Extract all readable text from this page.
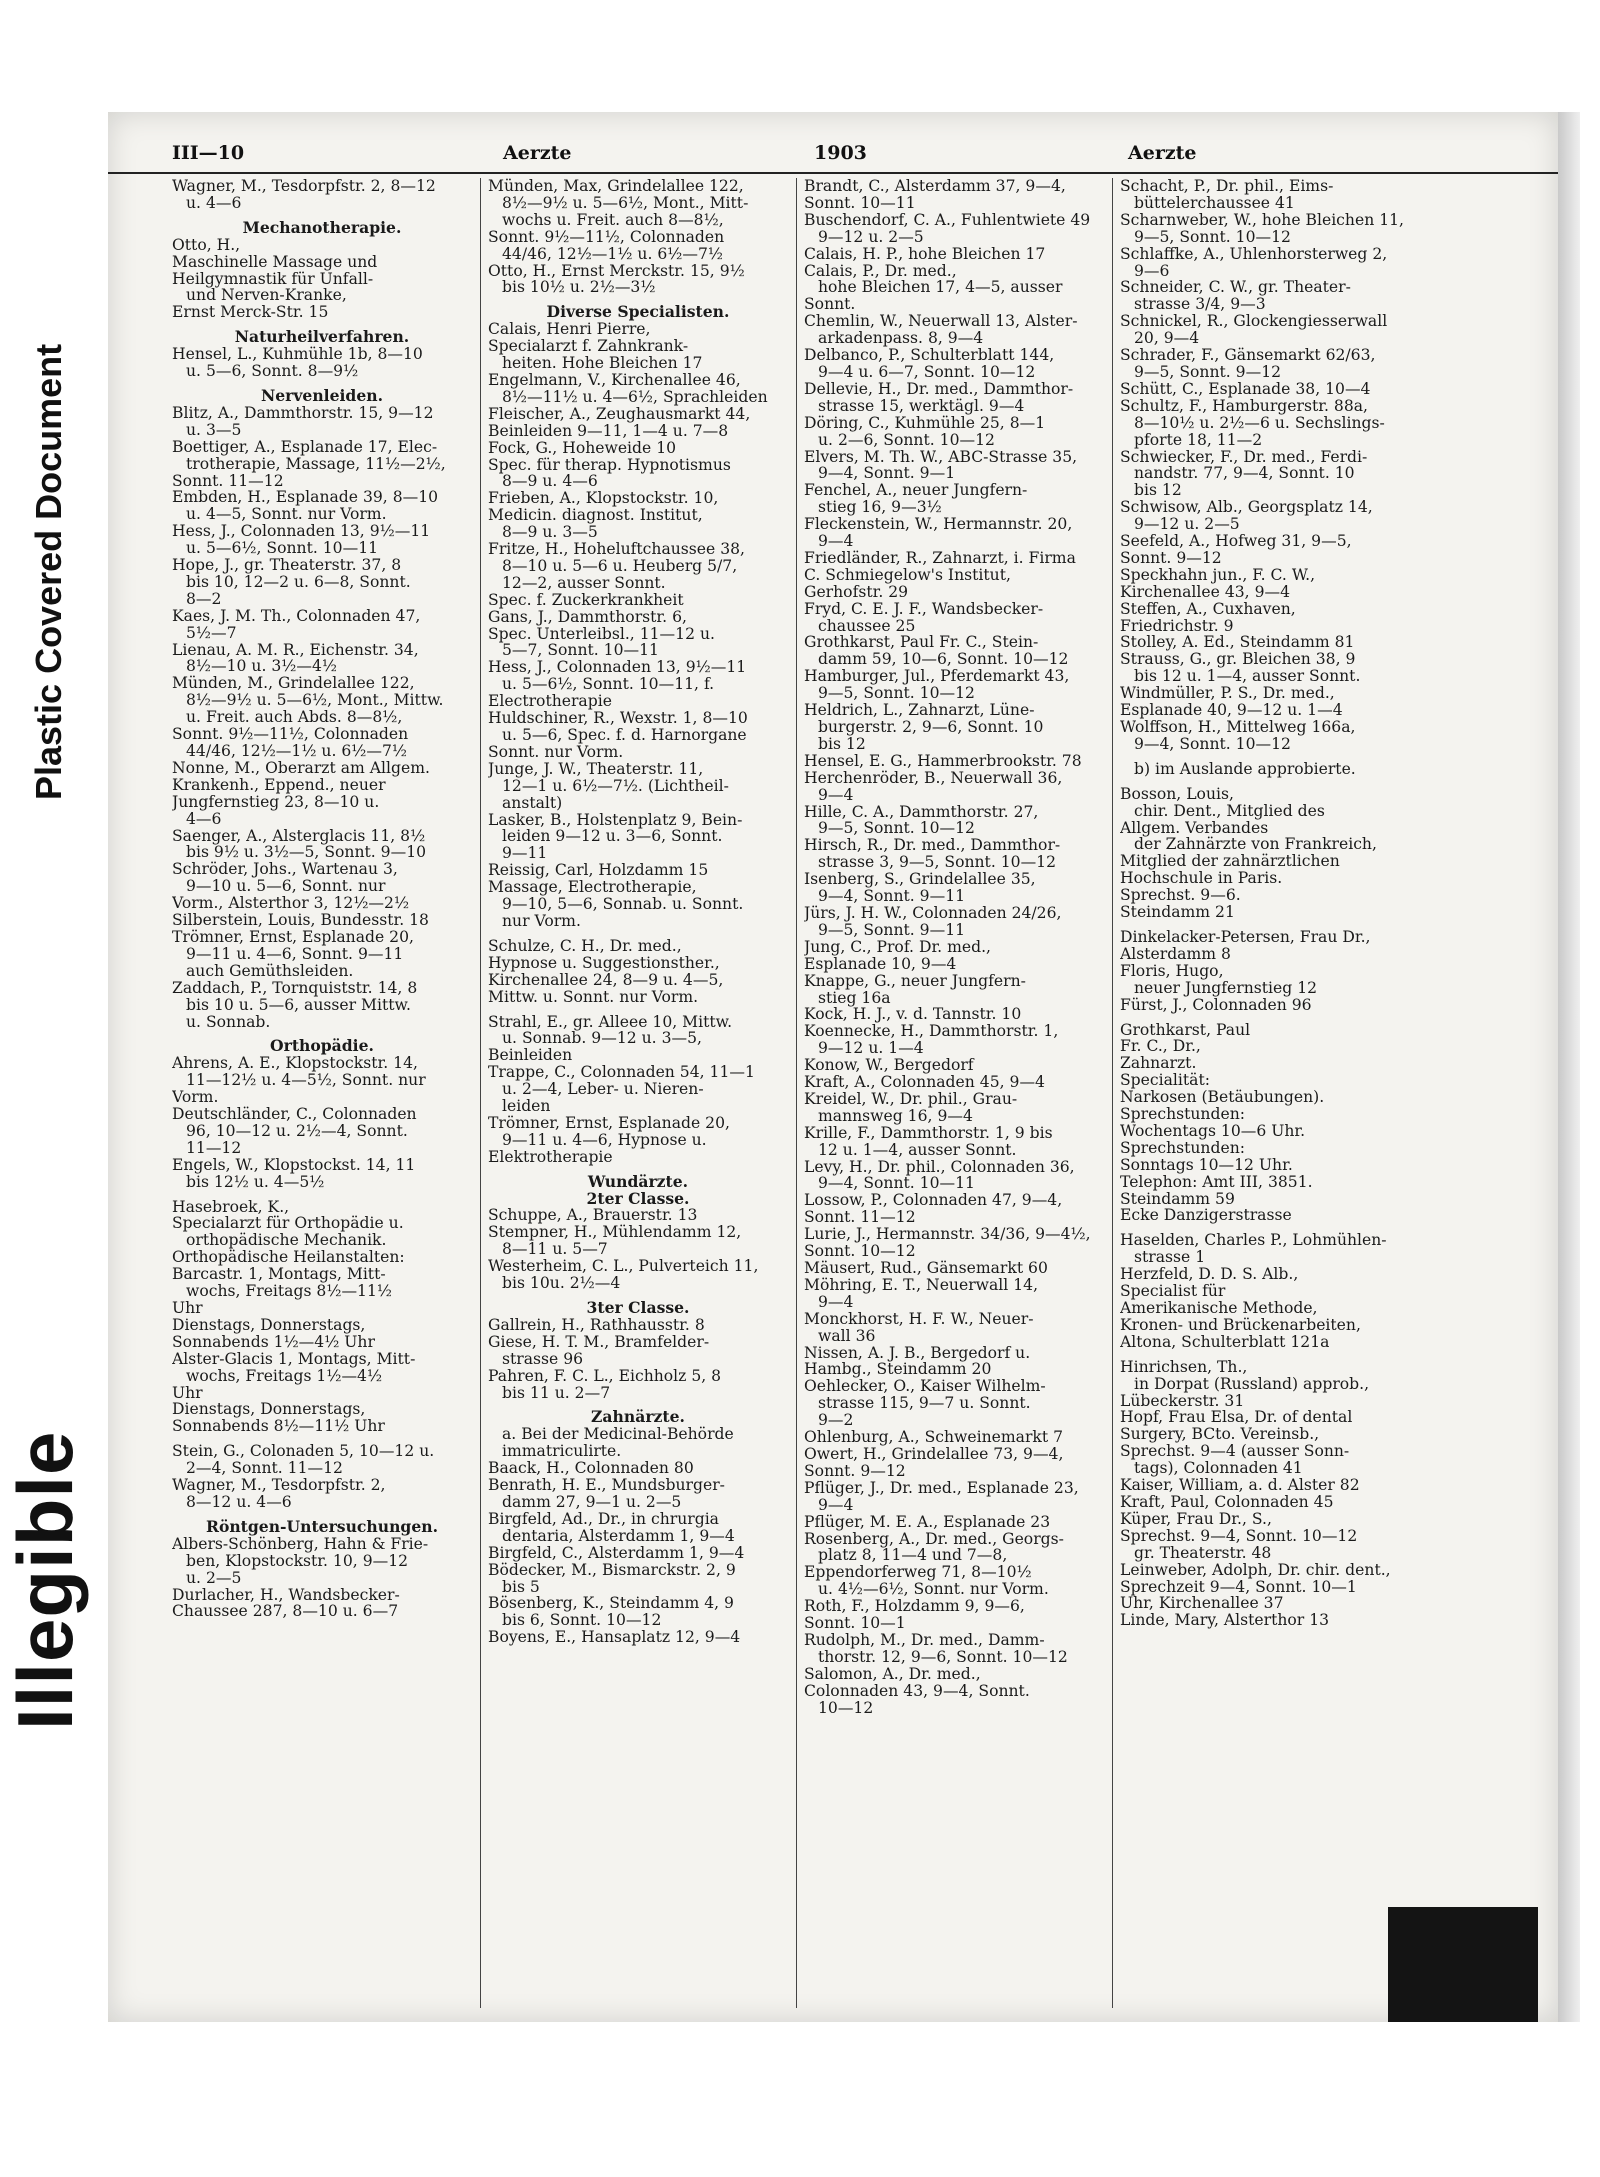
Plastic Covered Document
Illegible
III—10	Aerzte	1903	Aerzte
Wagner, M., Tesdorpfstr. 2, 8—12
u. 4—6
Mechanotherapie.
Otto, H.,
Maschinelle Massage und
Heilgymnastik für Unfall-
und Nerven-Kranke,
Ernst Merck-Str. 15
Naturheilverfahren.
Hensel, L., Kuhmühle 1b, 8—10
u. 5—6, Sonnt. 8—9½
Nervenleiden.
Blitz, A., Dammthorstr. 15, 9—12
u. 3—5
Boettiger, A., Esplanade 17, Elec-
trotherapie, Massage, 11½—2½,
Sonnt. 11—12
Embden, H., Esplanade 39, 8—10
u. 4—5, Sonnt. nur Vorm.
Hess, J., Colonnaden 13, 9½—11
u. 5—6½, Sonnt. 10—11
Hope, J., gr. Theaterstr. 37, 8
bis 10, 12—2 u. 6—8, Sonnt.
8—2
Kaes, J. M. Th., Colonnaden 47,
5½—7
Lienau, A. M. R., Eichenstr. 34,
8½—10 u. 3½—4½
Münden, M., Grindelallee 122,
8½—9½ u. 5—6½, Mont., Mittw.
u. Freit. auch Abds. 8—8½,
Sonnt. 9½—11½, Colonnaden
44/46, 12½—1½ u. 6½—7½
Nonne, M., Oberarzt am Allgem.
Krankenh., Eppend., neuer
Jungfernstieg 23, 8—10 u.
4—6
Saenger, A., Alsterglacis 11, 8½
bis 9½ u. 3½—5, Sonnt. 9—10
Schröder, Johs., Wartenau 3,
9—10 u. 5—6, Sonnt. nur
Vorm., Alsterthor 3, 12½—2½
Silberstein, Louis, Bundesstr. 18
Trömner, Ernst, Esplanade 20,
9—11 u. 4—6, Sonnt. 9—11
auch Gemüthsleiden.
Zaddach, P., Tornquiststr. 14, 8
bis 10 u. 5—6, ausser Mittw.
u. Sonnab.
Orthopädie.
Ahrens, A. E., Klopstockstr. 14,
11—12½ u. 4—5½, Sonnt. nur
Vorm.
Deutschländer, C., Colonnaden
96, 10—12 u. 2½—4, Sonnt.
11—12
Engels, W., Klopstockst. 14, 11
bis 12½ u. 4—5½
Hasebroek, K.,
Specialarzt für Orthopädie u.
orthopädische Mechanik.
Orthopädische Heilanstalten:
Barcastr. 1, Montags, Mitt-
wochs, Freitags 8½—11½
Uhr
Dienstags, Donnerstags,
Sonnabends 1½—4½ Uhr
Alster-Glacis 1, Montags, Mitt-
wochs, Freitags 1½—4½
Uhr
Dienstags, Donnerstags,
Sonnabends 8½—11½ Uhr
Stein, G., Colonaden 5, 10—12 u.
2—4, Sonnt. 11—12
Wagner, M., Tesdorpfstr. 2,
8—12 u. 4—6
Röntgen-Untersuchungen.
Albers-Schönberg, Hahn & Frie-
ben, Klopstockstr. 10, 9—12
u. 2—5
Durlacher, H., Wandsbecker-
Chaussee 287, 8—10 u. 6—7
Münden, Max, Grindelallee 122,
8½—9½ u. 5—6½, Mont., Mitt-
wochs u. Freit. auch 8—8½,
Sonnt. 9½—11½, Colonnaden
44/46, 12½—1½ u. 6½—7½
Otto, H., Ernst Merckstr. 15, 9½
bis 10½ u. 2½—3½
Diverse Specialisten.
Calais, Henri Pierre,
Specialarzt f. Zahnkrank-
heiten. Hohe Bleichen 17
Engelmann, V., Kirchenallee 46,
8½—11½ u. 4—6½, Sprachleiden
Fleischer, A., Zeughausmarkt 44,
Beinleiden 9—11, 1—4 u. 7—8
Fock, G., Hoheweide 10
Spec. für therap. Hypnotismus
8—9 u. 4—6
Frieben, A., Klopstockstr. 10,
Medicin. diagnost. Institut,
8—9 u. 3—5
Fritze, H., Hoheluftchaussee 38,
8—10 u. 5—6 u. Heuberg 5/7,
12—2, ausser Sonnt.
Spec. f. Zuckerkrankheit
Gans, J., Dammthorstr. 6,
Spec. Unterleibsl., 11—12 u.
5—7, Sonnt. 10—11
Hess, J., Colonnaden 13, 9½—11
u. 5—6½, Sonnt. 10—11, f.
Electrotherapie
Huldschiner, R., Wexstr. 1, 8—10
u. 5—6, Spec. f. d. Harnorgane
Sonnt. nur Vorm.
Junge, J. W., Theaterstr. 11,
12—1 u. 6½—7½. (Lichtheil-
anstalt)
Lasker, B., Holstenplatz 9, Bein-
leiden 9—12 u. 3—6, Sonnt.
9—11
Reissig, Carl, Holzdamm 15
Massage, Electrotherapie,
9—10, 5—6, Sonnab. u. Sonnt.
nur Vorm.
Schulze, C. H., Dr. med.,
Hypnose u. Suggestionsther.,
Kirchenallee 24, 8—9 u. 4—5,
Mittw. u. Sonnt. nur Vorm.
Strahl, E., gr. Alleee 10, Mittw.
u. Sonnab. 9—12 u. 3—5,
Beinleiden
Trappe, C., Colonnaden 54, 11—1
u. 2—4, Leber- u. Nieren-
leiden
Trömner, Ernst, Esplanade 20,
9—11 u. 4—6, Hypnose u.
Elektrotherapie
Wundärzte.
2ter Classe.
Schuppe, A., Brauerstr. 13
Stempner, H., Mühlendamm 12,
8—11 u. 5—7
Westerheim, C. L., Pulverteich 11,
bis 10u. 2½—4
3ter Classe.
Gallrein, H., Rathhausstr. 8
Giese, H. T. M., Bramfelder-
strasse 96
Pahren, F. C. L., Eichholz 5, 8
bis 11 u. 2—7
Zahnärzte.
a. Bei der Medicinal-Behörde
immatriculirte.
Baack, H., Colonnaden 80
Benrath, H. E., Mundsburger-
damm 27, 9—1 u. 2—5
Birgfeld, Ad., Dr., in chrurgia
dentaria, Alsterdamm 1, 9—4
Birgfeld, C., Alsterdamm 1, 9—4
Bödecker, M., Bismarckstr. 2, 9
bis 5
Bösenberg, K., Steindamm 4, 9
bis 6, Sonnt. 10—12
Boyens, E., Hansaplatz 12, 9—4
Brandt, C., Alsterdamm 37, 9—4,
Sonnt. 10—11
Buschendorf, C. A., Fuhlentwiete 49
9—12 u. 2—5
Calais, H. P., hohe Bleichen 17
Calais, P., Dr. med.,
hohe Bleichen 17, 4—5, ausser
Sonnt.
Chemlin, W., Neuerwall 13, Alster-
arkadenpass. 8, 9—4
Delbanco, P., Schulterblatt 144,
9—4 u. 6—7, Sonnt. 10—12
Dellevie, H., Dr. med., Dammthor-
strasse 15, werktägl. 9—4
Döring, C., Kuhmühle 25, 8—1
u. 2—6, Sonnt. 10—12
Elvers, M. Th. W., ABC-Strasse 35,
9—4, Sonnt. 9—1
Fenchel, A., neuer Jungfern-
stieg 16, 9—3½
Fleckenstein, W., Hermannstr. 20,
9—4
Friedländer, R., Zahnarzt, i. Firma
C. Schmiegelow's Institut,
Gerhofstr. 29
Fryd, C. E. J. F., Wandsbecker-
chaussee 25
Grothkarst, Paul Fr. C., Stein-
damm 59, 10—6, Sonnt. 10—12
Hamburger, Jul., Pferdemarkt 43,
9—5, Sonnt. 10—12
Heldrich, L., Zahnarzt, Lüne-
burgerstr. 2, 9—6, Sonnt. 10
bis 12
Hensel, E. G., Hammerbrookstr. 78
Herchenröder, B., Neuerwall 36,
9—4
Hille, C. A., Dammthorstr. 27,
9—5, Sonnt. 10—12
Hirsch, R., Dr. med., Dammthor-
strasse 3, 9—5, Sonnt. 10—12
Isenberg, S., Grindelallee 35,
9—4, Sonnt. 9—11
Jürs, J. H. W., Colonnaden 24/26,
9—5, Sonnt. 9—11
Jung, C., Prof. Dr. med.,
Esplanade 10, 9—4
Knappe, G., neuer Jungfern-
stieg 16a
Kock, H. J., v. d. Tannstr. 10
Koennecke, H., Dammthorstr. 1,
9—12 u. 1—4
Konow, W., Bergedorf
Kraft, A., Colonnaden 45, 9—4
Kreidel, W., Dr. phil., Grau-
mannsweg 16, 9—4
Krille, F., Dammthorstr. 1, 9 bis
12 u. 1—4, ausser Sonnt.
Levy, H., Dr. phil., Colonnaden 36,
9—4, Sonnt. 10—11
Lossow, P., Colonnaden 47, 9—4,
Sonnt. 11—12
Lurie, J., Hermannstr. 34/36, 9—4½,
Sonnt. 10—12
Mäusert, Rud., Gänsemarkt 60
Möhring, E. T., Neuerwall 14,
9—4
Monckhorst, H. F. W., Neuer-
wall 36
Nissen, A. J. B., Bergedorf u.
Hambg., Steindamm 20
Oehlecker, O., Kaiser Wilhelm-
strasse 115, 9—7 u. Sonnt.
9—2
Ohlenburg, A., Schweinemarkt 7
Owert, H., Grindelallee 73, 9—4,
Sonnt. 9—12
Pflüger, J., Dr. med., Esplanade 23,
9—4
Pflüger, M. E. A., Esplanade 23
Rosenberg, A., Dr. med., Georgs-
platz 8, 11—4 und 7—8,
Eppendorferweg 71, 8—10½
u. 4½—6½, Sonnt. nur Vorm.
Roth, F., Holzdamm 9, 9—6,
Sonnt. 10—1
Rudolph, M., Dr. med., Damm-
thorstr. 12, 9—6, Sonnt. 10—12
Salomon, A., Dr. med.,
Colonnaden 43, 9—4, Sonnt.
10—12
Schacht, P., Dr. phil., Eims-
büttelerchaussee 41
Scharnweber, W., hohe Bleichen 11,
9—5, Sonnt. 10—12
Schlaffke, A., Uhlenhorsterweg 2,
9—6
Schneider, C. W., gr. Theater-
strasse 3/4, 9—3
Schnickel, R., Glockengiesserwall
20, 9—4
Schrader, F., Gänsemarkt 62/63,
9—5, Sonnt. 9—12
Schütt, C., Esplanade 38, 10—4
Schultz, F., Hamburgerstr. 88a,
8—10½ u. 2½—6 u. Sechslings-
pforte 18, 11—2
Schwiecker, F., Dr. med., Ferdi-
nandstr. 77, 9—4, Sonnt. 10
bis 12
Schwisow, Alb., Georgsplatz 14,
9—12 u. 2—5
Seefeld, A., Hofweg 31, 9—5,
Sonnt. 9—12
Speckhahn jun., F. C. W.,
Kirchenallee 43, 9—4
Steffen, A., Cuxhaven,
Friedrichstr. 9
Stolley, A. Ed., Steindamm 81
Strauss, G., gr. Bleichen 38, 9
bis 12 u. 1—4, ausser Sonnt.
Windmüller, P. S., Dr. med.,
Esplanade 40, 9—12 u. 1—4
Wolffson, H., Mittelweg 166a,
9—4, Sonnt. 10—12
b) im Auslande approbierte.
Bosson, Louis,
chir. Dent., Mitglied des
Allgem. Verbandes
der Zahnärzte von Frankreich,
Mitglied der zahnärztlichen
Hochschule in Paris.
Sprechst. 9—6.
Steindamm 21
Dinkelacker-Petersen, Frau Dr.,
Alsterdamm 8
Floris, Hugo,
neuer Jungfernstieg 12
Fürst, J., Colonnaden 96
Grothkarst, Paul
Fr. C., Dr.,
Zahnarzt.
Specialität:
Narkosen (Betäubungen).
Sprechstunden:
Wochentags 10—6 Uhr.
Sprechstunden:
Sonntags 10—12 Uhr.
Telephon: Amt III, 3851.
Steindamm 59
Ecke Danzigerstrasse
Haselden, Charles P., Lohmühlen-
strasse 1
Herzfeld, D. D. S. Alb.,
Specialist für
Amerikanische Methode,
Kronen- und Brückenarbeiten,
Altona, Schulterblatt 121a
Hinrichsen, Th.,
in Dorpat (Russland) approb.,
Lübeckerstr. 31
Hopf, Frau Elsa, Dr. of dental
Surgery, BCto. Vereinsb.,
Sprechst. 9—4 (ausser Sonn-
tags), Colonnaden 41
Kaiser, William, a. d. Alster 82
Kraft, Paul, Colonnaden 45
Küper, Frau Dr., S.,
Sprechst. 9—4, Sonnt. 10—12
gr. Theaterstr. 48
Leinweber, Adolph, Dr. chir. dent.,
Sprechzeit 9—4, Sonnt. 10—1
Uhr, Kirchenallee 37
Linde, Mary, Alsterthor 13
